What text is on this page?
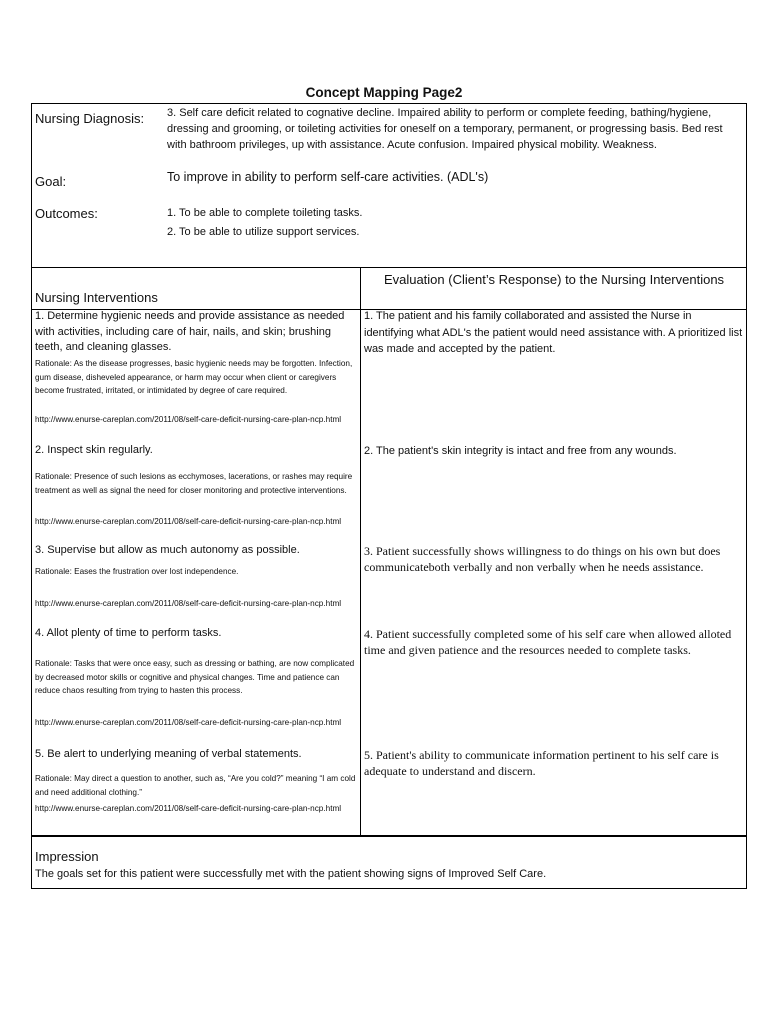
Concept Mapping Page2
Nursing Diagnosis: 3. Self care deficit related to cognative decline. Impaired ability to perform or complete feeding, bathing/hygiene, dressing and grooming, or toileting activities for oneself on a temporary, permanent, or progressing basis. Bed rest with bathroom privileges, up with assistance. Acute confusion. Impaired physical mobility. Weakness.
Goal:	To improve in ability to perform self-care activities. (ADL's)
Outcomes:	1. To be able to complete toileting tasks.
2. To be able to utilize support services.
Nursing Interventions
Evaluation (Client’s Response) to the Nursing Interventions
1. Determine hygienic needs and provide assistance as needed with activities, including care of hair, nails, and skin; brushing teeth, and cleaning glasses.
Rationale: As the disease progresses, basic hygienic needs may be forgotten. Infection, gum disease, disheveled appearance, or harm may occur when client or caregivers become frustrated, irritated, or intimidated by degree of care required.
http://www.enurse-careplan.com/2011/08/self-care-deficit-nursing-care-plan-ncp.html
1. The patient and his family collaborated and assisted the Nurse in identifying what ADL's the patient would need assistance with. A prioritized list was made and accepted by the patient.
2. Inspect skin regularly.
Rationale: Presence of such lesions as ecchymoses, lacerations, or rashes may require treatment as well as signal the need for closer monitoring and protective interventions.
http://www.enurse-careplan.com/2011/08/self-care-deficit-nursing-care-plan-ncp.html
2. The patient's skin integrity is intact and free from any wounds.
3. Supervise but allow as much autonomy as possible.
Rationale: Eases the frustration over lost independence.
http://www.enurse-careplan.com/2011/08/self-care-deficit-nursing-care-plan-ncp.html
3. Patient successfully shows willingness to do things on his own but does communicateboth verbally and non verbally when he needs assistance.
4. Allot plenty of time to perform tasks.
Rationale: Tasks that were once easy, such as dressing or bathing, are now complicated by decreased motor skills or cognitive and physical changes. Time and patience can reduce chaos resulting from trying to hasten this process.
http://www.enurse-careplan.com/2011/08/self-care-deficit-nursing-care-plan-ncp.html
4. Patient successfully completed some of his self care when allowed alloted time and given patience and the resources needed to complete tasks.
5. Be alert to underlying meaning of verbal statements.
Rationale: May direct a question to another, such as, “Are you cold?” meaning “I am cold and need additional clothing.”
http://www.enurse-careplan.com/2011/08/self-care-deficit-nursing-care-plan-ncp.html
5. Patient's ability to communicate information pertinent to his self care is adequate to understand and discern.
Impression
The goals set for this patient were successfully met with the patient showing signs of Improved Self Care.
